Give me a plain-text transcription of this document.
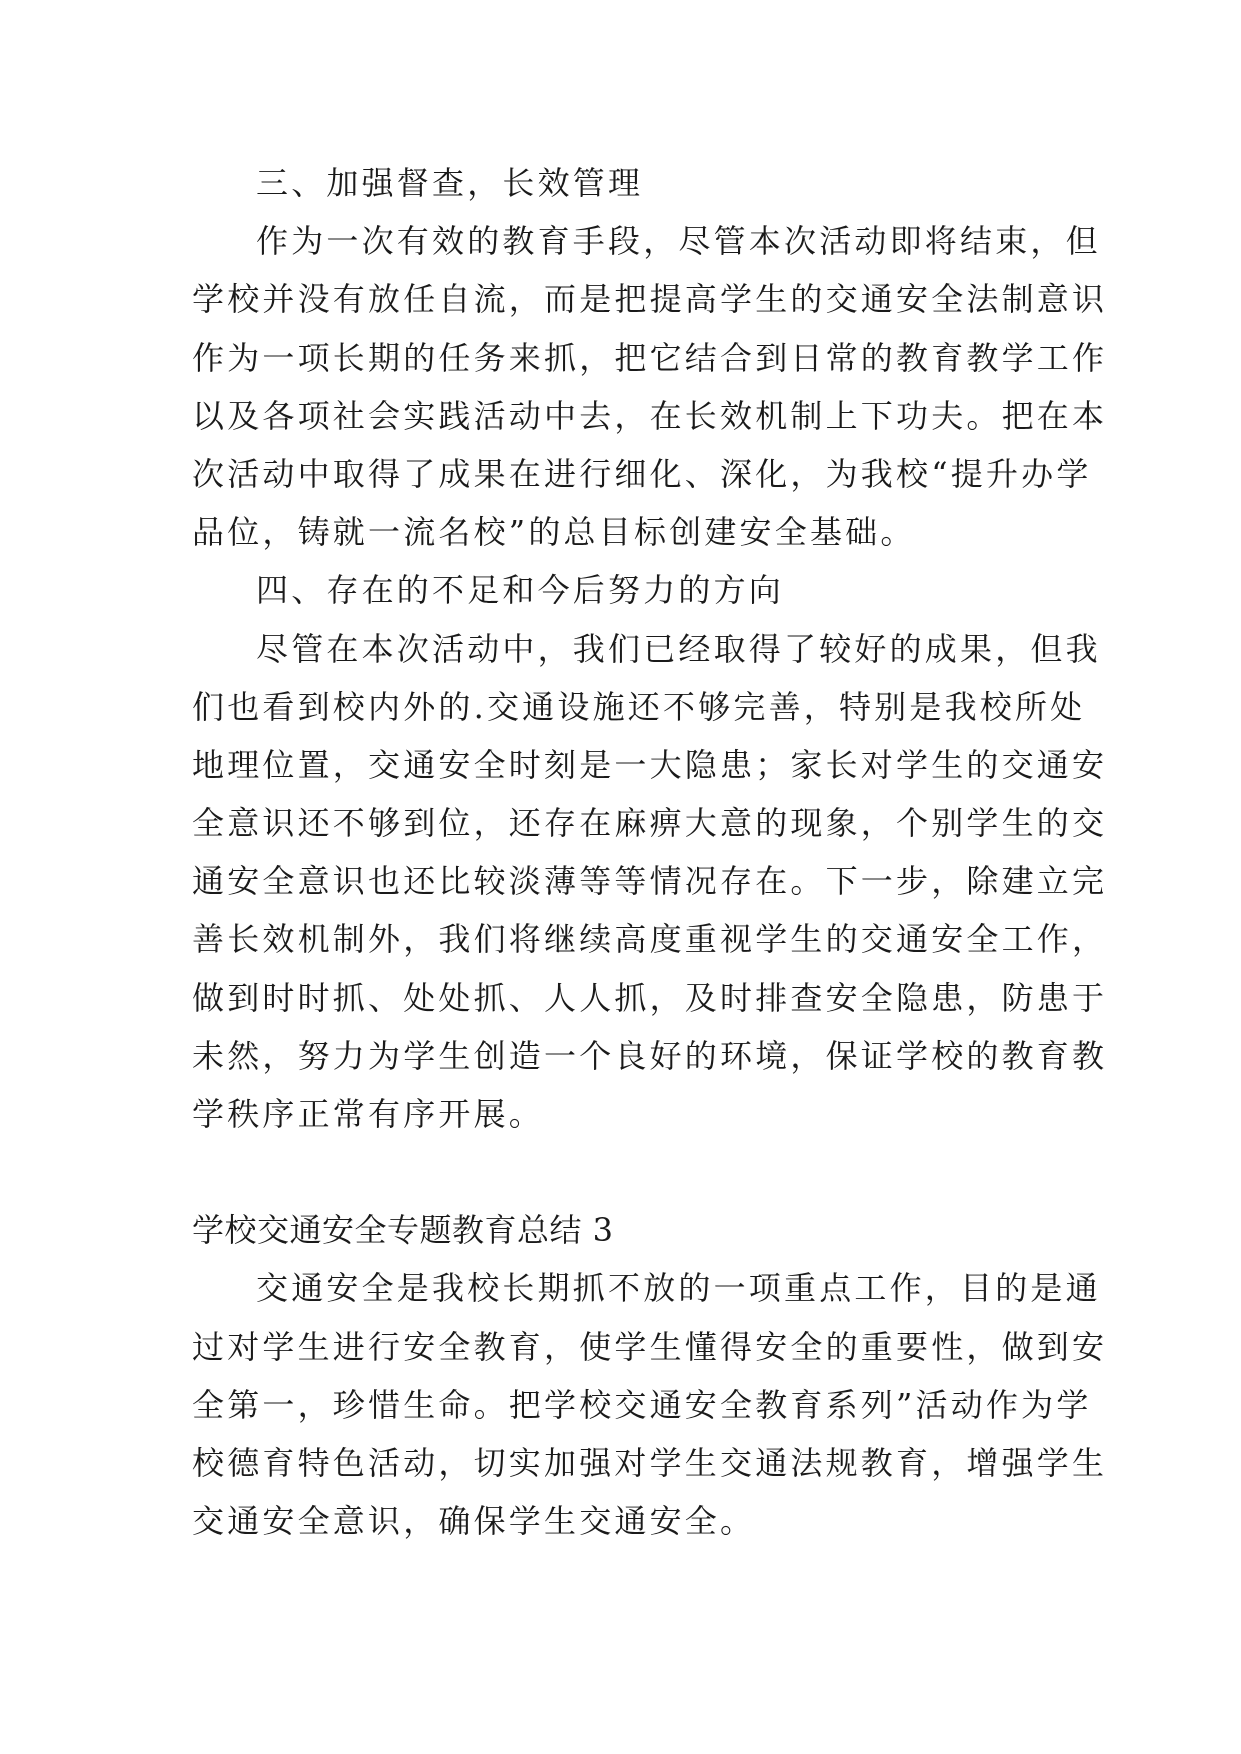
三、加强督查，长效管理
作为一次有效的教育手段，尽管本次活动即将结束，但
学校并没有放任自流，而是把提高学生的交通安全法制意识
作为一项长期的任务来抓，把它结合到日常的教育教学工作
以及各项社会实践活动中去，在长效机制上下功夫。把在本
次活动中取得了成果在进行细化、深化，为我校“提升办学
品位，铸就一流名校”的总目标创建安全基础。
四、存在的不足和今后努力的方向
尽管在本次活动中，我们已经取得了较好的成果，但我
们也看到校内外的.交通设施还不够完善，特别是我校所处
地理位置，交通安全时刻是一大隐患；家长对学生的交通安
全意识还不够到位，还存在麻痹大意的现象，个别学生的交
通安全意识也还比较淡薄等等情况存在。下一步，除建立完
善长效机制外，我们将继续高度重视学生的交通安全工作，
做到时时抓、处处抓、人人抓，及时排查安全隐患，防患于
未然，努力为学生创造一个良好的环境，保证学校的教育教
学秩序正常有序开展。
学校交通安全专题教育总结 3
交通安全是我校长期抓不放的一项重点工作，目的是通
过对学生进行安全教育，使学生懂得安全的重要性，做到安
全第一，珍惜生命。把学校交通安全教育系列”活动作为学
校德育特色活动，切实加强对学生交通法规教育，增强学生
交通安全意识，确保学生交通安全。
